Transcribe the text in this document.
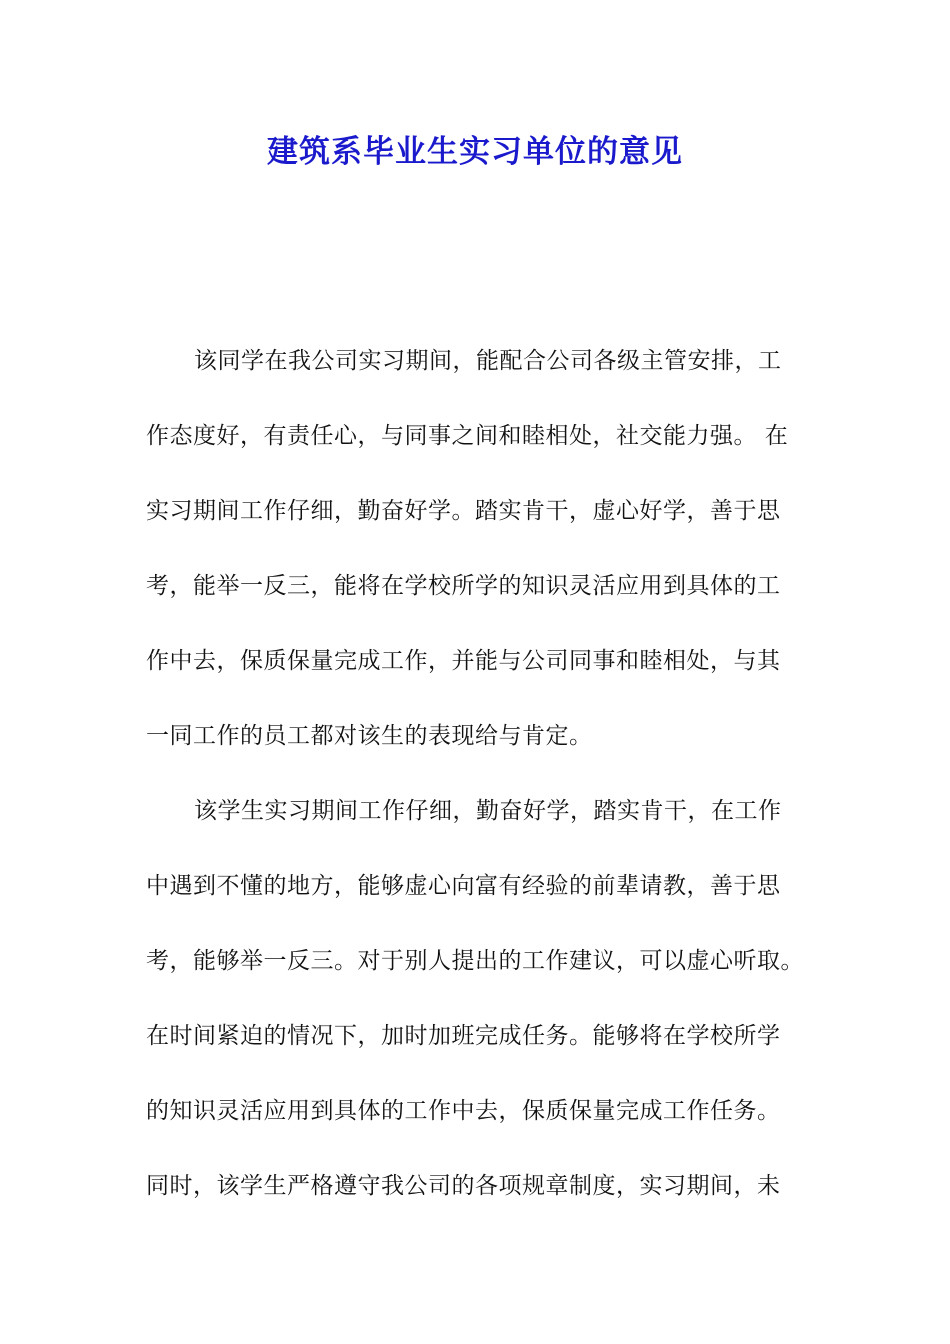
建筑系毕业生实习单位的意见
该同学在我公司实习期间，能配合公司各级主管安排，工
作态度好，有责任心，与同事之间和睦相处，社交能力强。 在
实习期间工作仔细，勤奋好学。踏实肯干，虚心好学，善于思
考，能举一反三，能将在学校所学的知识灵活应用到具体的工
作中去，保质保量完成工作，并能与公司同事和睦相处，与其
一同工作的员工都对该生的表现给与肯定。
该学生实习期间工作仔细，勤奋好学，踏实肯干，在工作
中遇到不懂的地方，能够虚心向富有经验的前辈请教，善于思
考，能够举一反三。对于别人提出的工作建议，可以虚心听取。
在时间紧迫的情况下，加时加班完成任务。能够将在学校所学
的知识灵活应用到具体的工作中去，保质保量完成工作任务。
同时，该学生严格遵守我公司的各项规章制度，实习期间，未
